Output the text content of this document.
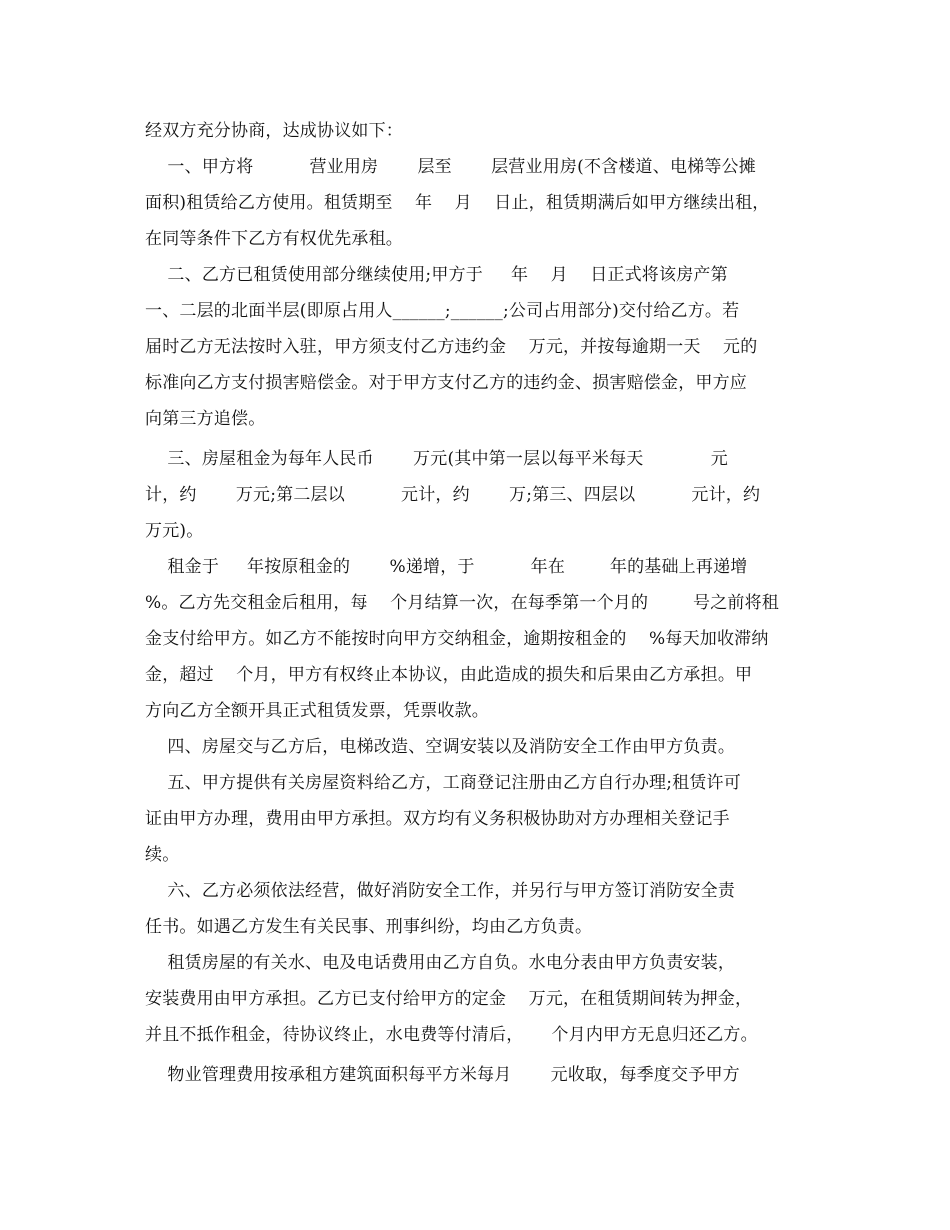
经双方充分协商，达成协议如下：
一、甲方将          营业用房       层至       层营业用房(不含楼道、电梯等公摊
面积)租赁给乙方使用。租赁期至    年    月    日止，租赁期满后如甲方继续出租，
在同等条件下乙方有权优先承租。
二、乙方已租赁使用部分继续使用;甲方于     年    月    日正式将该房产第
一、二层的北面半层(即原占用人______;______;公司占用部分)交付给乙方。若
届时乙方无法按时入驻，甲方须支付乙方违约金    万元，并按每逾期一天    元的
标准向乙方支付损害赔偿金。对于甲方支付乙方的违约金、损害赔偿金，甲方应
向第三方追偿。
三、房屋租金为每年人民币       万元(其中第一层以每平米每天            元
计，约       万元;第二层以          元计，约       万;第三、四层以          元计，约
万元)。
租金于     年按原租金的       %递增，于          年在        年的基础上再递增
%。乙方先交租金后租用，每    个月结算一次，在每季第一个月的        号之前将租
金支付给甲方。如乙方不能按时向甲方交纳租金，逾期按租金的    %每天加收滞纳
金，超过    个月，甲方有权终止本协议，由此造成的损失和后果由乙方承担。甲
方向乙方全额开具正式租赁发票，凭票收款。
四、房屋交与乙方后，电梯改造、空调安装以及消防安全工作由甲方负责。
五、甲方提供有关房屋资料给乙方，工商登记注册由乙方自行办理;租赁许可
证由甲方办理，费用由甲方承担。双方均有义务积极协助对方办理相关登记手
续。
六、乙方必须依法经营，做好消防安全工作，并另行与甲方签订消防安全责
任书。如遇乙方发生有关民事、刑事纠纷，均由乙方负责。
租赁房屋的有关水、电及电话费用由乙方自负。水电分表由甲方负责安装，
安装费用由甲方承担。乙方已支付给甲方的定金    万元，在租赁期间转为押金，
并且不抵作租金，待协议终止，水电费等付清后，     个月内甲方无息归还乙方。
物业管理费用按承租方建筑面积每平方米每月       元收取，每季度交予甲方
